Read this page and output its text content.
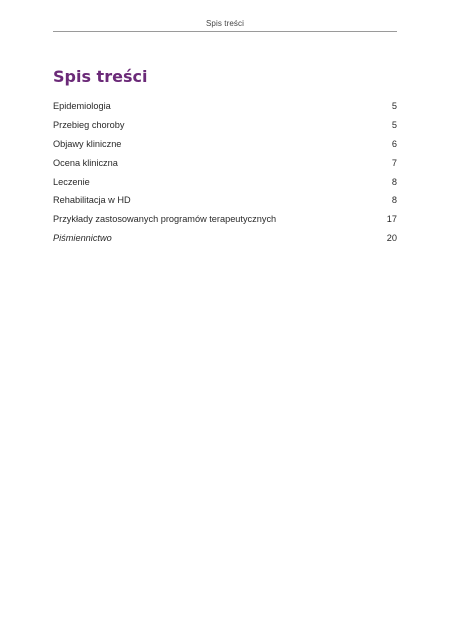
Spis treści
Spis treści
Epidemiologia	5
Przebieg choroby	5
Objawy kliniczne	6
Ocena kliniczna	7
Leczenie	8
Rehabilitacja w HD	8
Przykłady zastosowanych programów terapeutycznych	17
Piśmiennictwo	20
